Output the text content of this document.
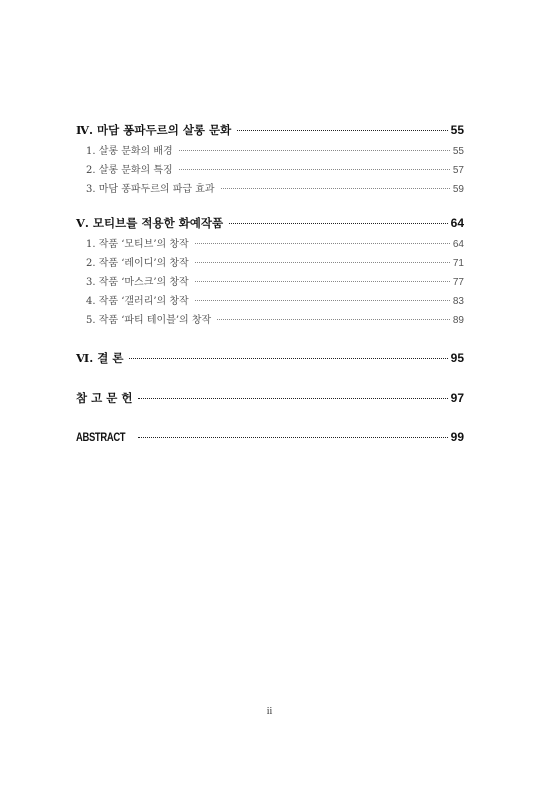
Ⅳ. 마담 퐁파두르의 살롱 문화	55
1. 살롱 문화의 배경	55
2. 살롱 문화의 특징	57
3. 마담 퐁파두르의 파급 효과	59
Ⅴ. 모티브를 적용한 화예작품	64
1. 작품 ‘모티브’의 창작	64
2. 작품 ‘레이디’의 창작	71
3. 작품 ‘마스크’의 창작	77
4. 작품 ‘갤러리’의 창작	83
5. 작품 ‘파티 테이블’의 창작	89
Ⅵ. 결 론	95
참 고 문 헌	97
ABSTRACT	99
ii
